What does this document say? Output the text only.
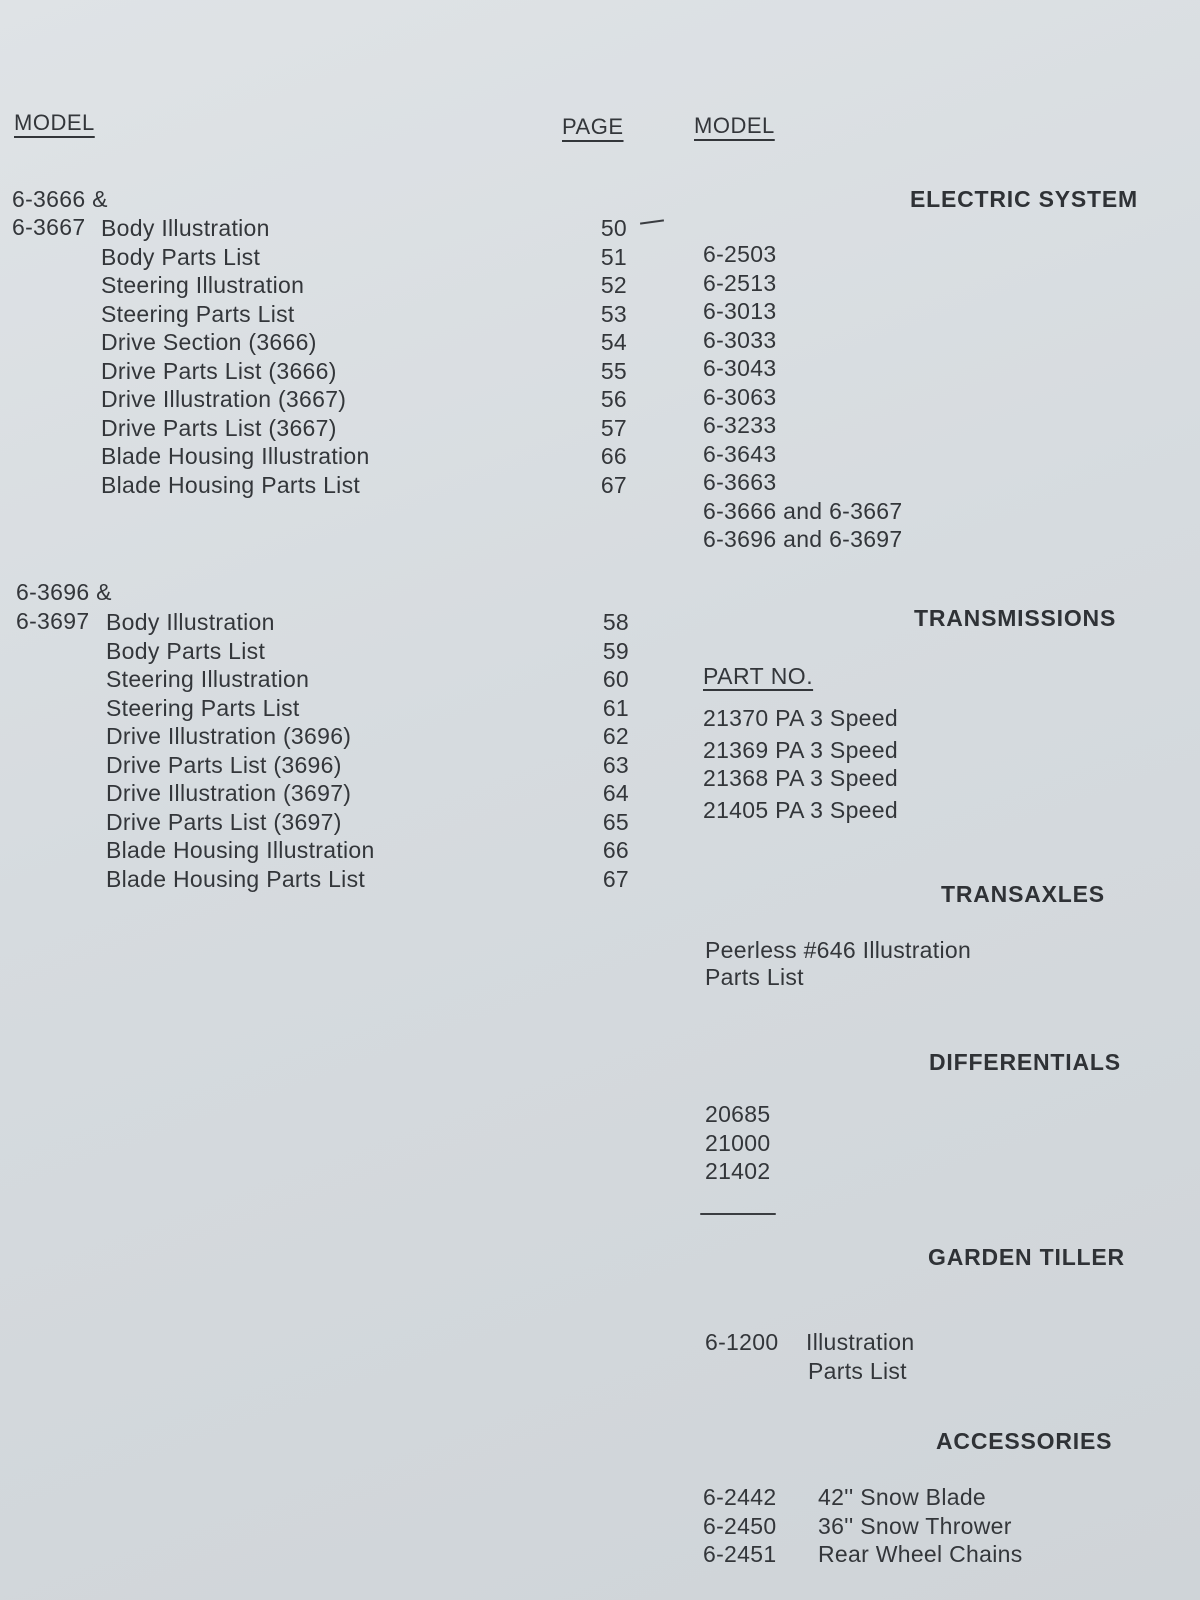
MODEL	PAGE	MODEL
6-3666 &
6-3667 Body Illustration
Body Parts List
Steering Illustration
Steering Parts List
Drive Section (3666)
Drive Parts List (3666)
Drive Illustration (3667)
Drive Parts List (3667)
Blade Housing Illustration
Blade Housing Parts List
50
51
52
53
54
55
56
57
66
67
6-3696 &
6-3697 Body Illustration
Body Parts List
Steering Illustration
Steering Parts List
Drive Illustration (3696)
Drive Parts List (3696)
Drive Illustration (3697)
Drive Parts List (3697)
Blade Housing Illustration
Blade Housing Parts List
58
59
60
61
62
63
64
65
66
67
ELECTRIC SYSTEM
6-2503
6-2513
6-3013
6-3033
6-3043
6-3063
6-3233
6-3643
6-3663
6-3666 and 6-3667
6-3696 and 6-3697
TRANSMISSIONS
PART NO.
21370 PA 3 Speed
21369 PA 3 Speed
21368 PA 3 Speed
21405 PA 3 Speed
TRANSAXLES
Peerless #646 Illustration
Parts List
DIFFERENTIALS
20685
21000
21402
GARDEN TILLER
6-1200 Illustration
Parts List
ACCESSORIES
6-2442
6-2450
6-2451
42'' Snow Blade
36'' Snow Thrower
Rear Wheel Chains
